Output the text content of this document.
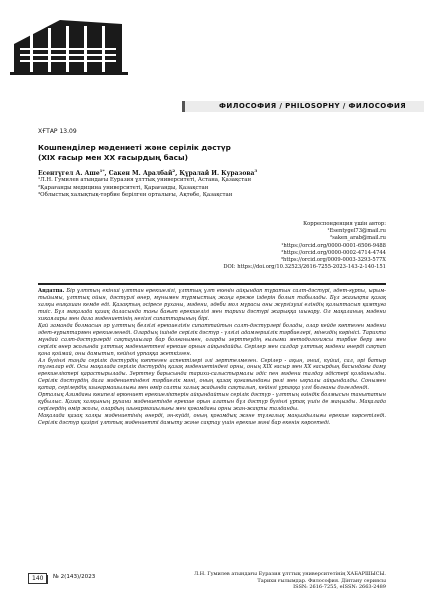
ФИЛОСОФИЯ / PHILOSOPHY / ФИЛОСОФИЯ
ХҒТАР 13.09
Кошпенділер мәдениеті және серілік дәстүр
(XIX ғасыр мен XX ғасырдың басы)
Есентүгел А. Аше$^{1*}$, Сакен М. Аралбай$^2$, Құралай И. Куразова$^3$
¹Л.Н. Гумилев атындағы Еуразия ұлттық университеті, Астана, Қазақстан
²Қарағанды медицина университеті, Қарағанды, Қазақстан
³Облыстық халықтық-тәрбие берілген орталығы, Ақтөбе, Қазақстан
Корреспонденция үшін автор:
¹Esentygel73@mail.ru
²saken_arab@mail.ru
¹https://orcid.org/0000-0001-6506-9488
²https://orcid.org/0000-0002-4714-4744
³https://orcid.org/0009-0003-3293-577X
DOI: https://doi.org/10.32523/2616-7255-2023-143-2-140-151

Аңдатпа. Бір ұлттың екінші ұлттан ерекшелігі, ұлттың ұлт екенін айқындап тұратын салт-дәстүрі, әдет-ғұрпы, ырым-тыйымы, ұлттық ойын, дәстүрлі өнер, мұнымен тұрмыстың жаңа ереже іздерін болып табылады. Бұл жазықта қазақ халқы ешқашан кемде еді. Қазақтың әсіресе руханы, мәдени, әдеби мол мұрасы оны жүргізуші еліндің қалыптасып қамтуға тиіс. Бұл мақалада қазақ даласында тағы бағыт ерекшелігі мен тарихи дәстүрі жарыққа шығару. Ол мақаланың мәдени хикаялары мен дала мәдениетінің негізгі сипаттарының бірі.

Қай заманда болмасын әр ұлттың белгілі ерекшелігін сипаттайтын салт-дәстүрлері болады, олар кейде көптеген мәдени әдет-ғұрыптармен ерекшеленеді. Олардың ішінде серілік дәстүр - үлгілі адамгершілік тәрбиелері, мінездің көрінісі. Тарихта мұндай салт-дәстүрлерді сақтаушылар бар болғанымен, оларды зерттеудің ғылыми методологиясы тәрбие беру мен серілік өнер жолында ұлттық мәдениеттегі ерекше орнын айқындайды. Серілер мен салдар ұлттық мәдени өнерді сақтап қана қоймай, оны дамытып, кейінгі ұрпаққа жеткізген.

Ал бүгінгі таңда серілік дәстүрдің көптеген аспектілері әлі зерттелмеген. Серілер - ақын, әнші, күйші, сал, әрі батыр тұлғалар еді. Осы мақалада серілік дәстүрдің қазақ мәдениетіндегі орны, оның XIX ғасыр мен XX ғасырдың басындағы даму ерекшеліктері қарастырылады. Зерттеу барысында тарихи-салыстырмалы әдіс пен мәдени талдау әдістері қолданылды. Серілік дәстүрдің дала мәдениетіндегі тәрбиелік мәні, оның қазақ қоғамындағы рөлі мен ықпалы айқындалды. Сонымен қатар, серілердің шығармашылығы мен өмір салты халық жадында сақталып, кейінгі ұрпаққа үлгі болғаны дәлелденді.

Орталық Азиядағы көшпелі өркениет ерекшеліктерін айқындайтын серілік дәстүр - ұлттың өзіндік болмысын танытатын құбылыс. Қазақ халқының рухани мәдениетінде ерекше орын алатын бұл дәстүр бүгінгі ұрпақ үшін де маңызды. Мақалада серілердің өмір жолы, олардың шығармашылығы мен қоғамдағы орны жан-жақты талданды.

Мақалада қазақ халқы мәдениетінің өнерді, ән-күйді, оның қоғамдық және тұлғалық маңыздылығы ерекше көрсетіледі. Серілік дәстүр қазіргі ұлттық мәдениетті дамыту және сақтау үшін ерекше мәні бар екенін көрсетеді.

140	№ 2(143)/2023	Л.Н. Гумилев атындағы Еуразия ұлттық университетінің ХАБАРШЫСЫ.
Тарихи ғылымдар. Философия. Дінтану сериясы
ISSN: 2616-7255, eISSN: 2663-2489
